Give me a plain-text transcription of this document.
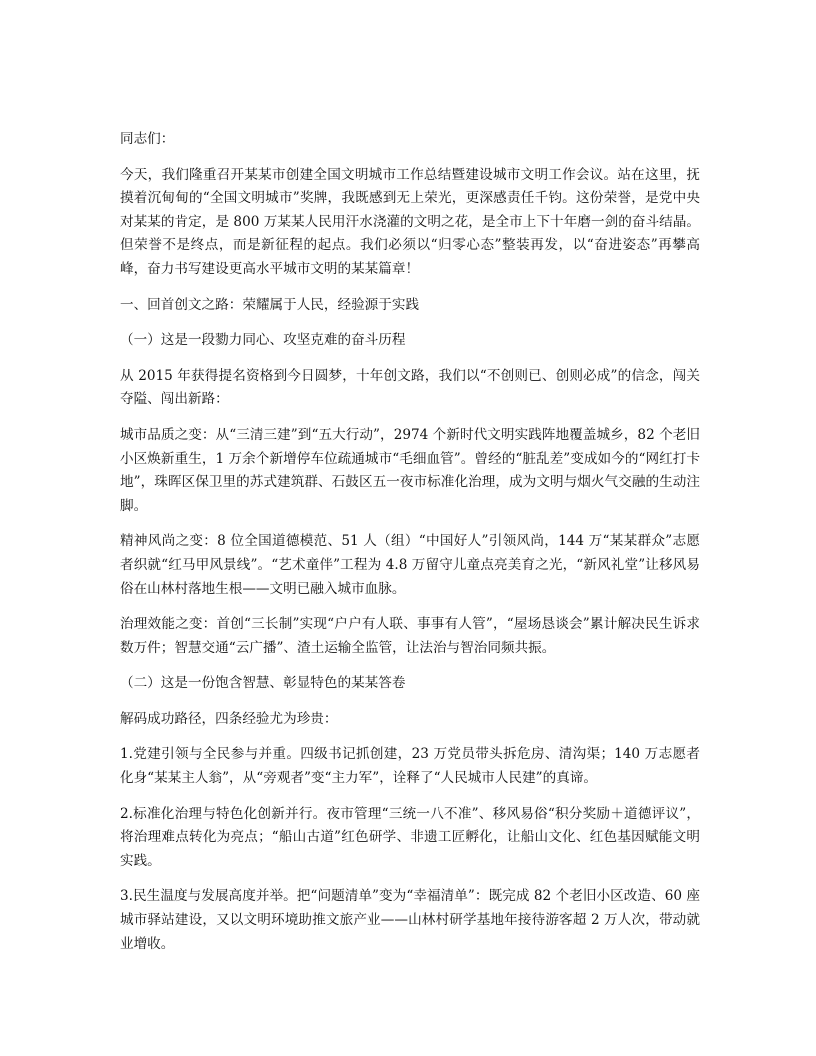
同志们：

今天，我们隆重召开某某市创建全国文明城市工作总结暨建设城市文明工作会议。站在这里，抚摸着沉甸甸的“全国文明城市”奖牌，我既感到无上荣光，更深感责任千钧。这份荣誉，是党中央对某某的肯定，是 800 万某某人民用汗水浇灌的文明之花，是全市上下十年磨一剑的奋斗结晶。但荣誉不是终点，而是新征程的起点。我们必须以“归零心态”整装再发，以“奋进姿态”再攀高峰，奋力书写建设更高水平城市文明的某某篇章！

一、回首创文之路：荣耀属于人民，经验源于实践

（一）这是一段勠力同心、攻坚克难的奋斗历程

从 2015 年获得提名资格到今日圆梦，十年创文路，我们以“不创则已、创则必成”的信念，闯关夺隘、闯出新路：

城市品质之变：从“三清三建”到“五大行动”，2974 个新时代文明实践阵地覆盖城乡，82 个老旧小区焕新重生，1 万余个新增停车位疏通城市“毛细血管”。曾经的“脏乱差”变成如今的“网红打卡地”，珠晖区保卫里的苏式建筑群、石鼓区五一夜市标准化治理，成为文明与烟火气交融的生动注脚。

精神风尚之变：8 位全国道德模范、51 人（组）“中国好人”引领风尚，144 万“某某群众”志愿者织就“红马甲风景线”。“艺术童伴”工程为 4.8 万留守儿童点亮美育之光，“新风礼堂”让移风易俗在山林村落地生根——文明已融入城市血脉。

治理效能之变：首创“三长制”实现“户户有人联、事事有人管”，“屋场恳谈会”累计解决民生诉求数万件；智慧交通“云广播”、渣土运输全监管，让法治与智治同频共振。

（二）这是一份饱含智慧、彰显特色的某某答卷

解码成功路径，四条经验尤为珍贵：

1.党建引领与全民参与并重。四级书记抓创建，23 万党员带头拆危房、清沟渠；140 万志愿者化身“某某主人翁”，从“旁观者”变“主力军”，诠释了“人民城市人民建”的真谛。

2.标准化治理与特色化创新并行。夜市管理“三统一八不准”、移风易俗“积分奖励＋道德评议”，将治理难点转化为亮点；“船山古道”红色研学、非遗工匠孵化，让船山文化、红色基因赋能文明实践。

3.民生温度与发展高度并举。把“问题清单”变为“幸福清单”：既完成 82 个老旧小区改造、60 座城市驿站建设，又以文明环境助推文旅产业——山林村研学基地年接待游客超 2 万人次，带动就业增收。
